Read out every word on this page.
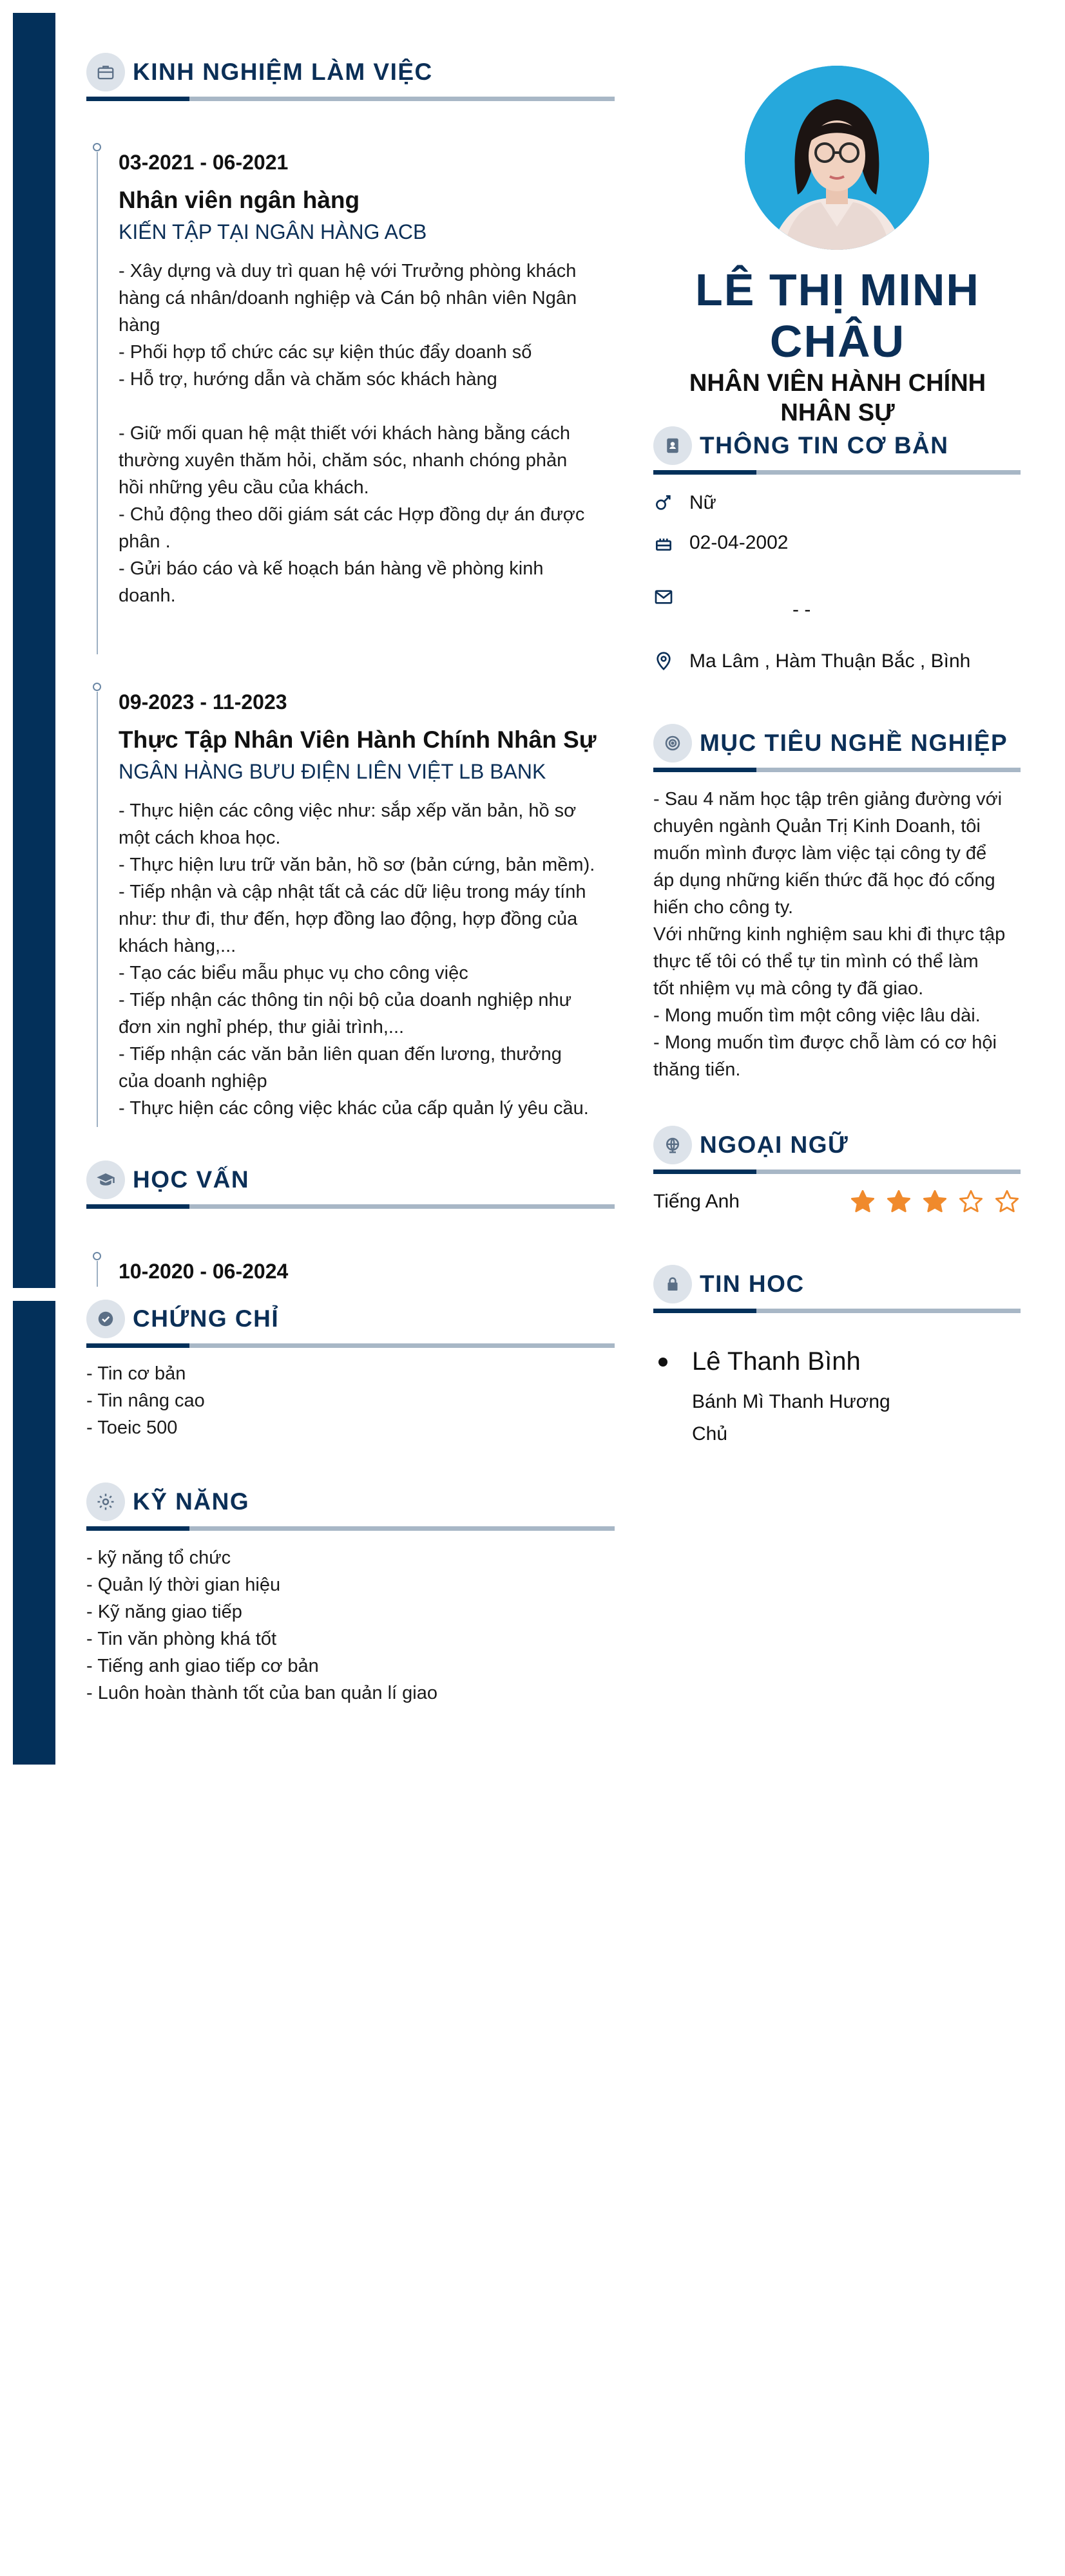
KINH NGHIỆM LÀM VIỆC
03-2021 - 06-2021
Nhân viên ngân hàng
KIẾN TẬP TẠI NGÂN HÀNG ACB
- Xây dựng và duy trì quan hệ với Trưởng phòng khách
hàng cá nhân/doanh nghiệp và Cán bộ nhân viên Ngân
hàng
- Phối hợp tổ chức các sự kiện thúc đẩy doanh số
- Hỗ trợ, hướng dẫn và chăm sóc khách hàng

- Giữ mối quan hệ mật thiết với khách hàng bằng cách
thường xuyên thăm hỏi, chăm sóc, nhanh chóng phản
hồi những yêu cầu của khách.
- Chủ động theo dõi giám sát các Hợp đồng dự án được
phân .
- Gửi báo cáo và kế hoạch bán hàng về phòng kinh
doanh.
09-2023 - 11-2023
Thực Tập Nhân Viên Hành Chính Nhân Sự
NGÂN HÀNG BƯU ĐIỆN LIÊN VIỆT LB BANK
- Thực hiện các công việc như: sắp xếp văn bản, hồ sơ
một cách khoa học.
- Thực hiện lưu trữ văn bản, hồ sơ (bản cứng, bản mềm).
- Tiếp nhận và cập nhật tất cả các dữ liệu trong máy tính
như: thư đi, thư đến, hợp đồng lao động, hợp đồng của
khách hàng,...
- Tạo các biểu mẫu phục vụ cho công việc
- Tiếp nhận các thông tin nội bộ của doanh nghiệp như
đơn xin nghỉ phép, thư giải trình,...
- Tiếp nhận các văn bản liên quan đến lương, thưởng
của doanh nghiệp
- Thực hiện các công việc khác của cấp quản lý yêu cầu.
HỌC VẤN
10-2020 - 06-2024
CHỨNG CHỈ
- Tin cơ bản
- Tin nâng cao
- Toeic 500
KỸ NĂNG
- kỹ năng tổ chức
- Quản lý thời gian hiệu
- Kỹ năng giao tiếp
- Tin văn phòng khá tốt
- Tiếng anh giao tiếp cơ bản
- Luôn hoàn thành tốt của ban quản lí giao
LÊ THỊ MINH CHÂU
NHÂN VIÊN HÀNH CHÍNH NHÂN SỰ
THÔNG TIN CƠ BẢN
Nữ
02-04-2002
- -
Ma Lâm , Hàm Thuận Bắc , Bình
MỤC TIÊU NGHỀ NGHIỆP
- Sau 4 năm học tập trên giảng đường với
chuyên ngành Quản Trị Kinh Doanh, tôi
muốn mình được làm việc tại công ty để
áp dụng những kiến thức đã học đó cống
hiến cho công ty.
Với những kinh nghiệm sau khi đi thực tập
thực tế tôi có thể tự tin mình có thể làm
tốt nhiệm vụ mà công ty đã giao.
- Mong muốn tìm một công việc lâu dài.
- Mong muốn tìm được chỗ làm có cơ hội
thăng tiến.
NGOẠI NGỮ
Tiếng Anh
TIN HOC
Lê Thanh Bình
Bánh Mì Thanh Hương
Chủ
